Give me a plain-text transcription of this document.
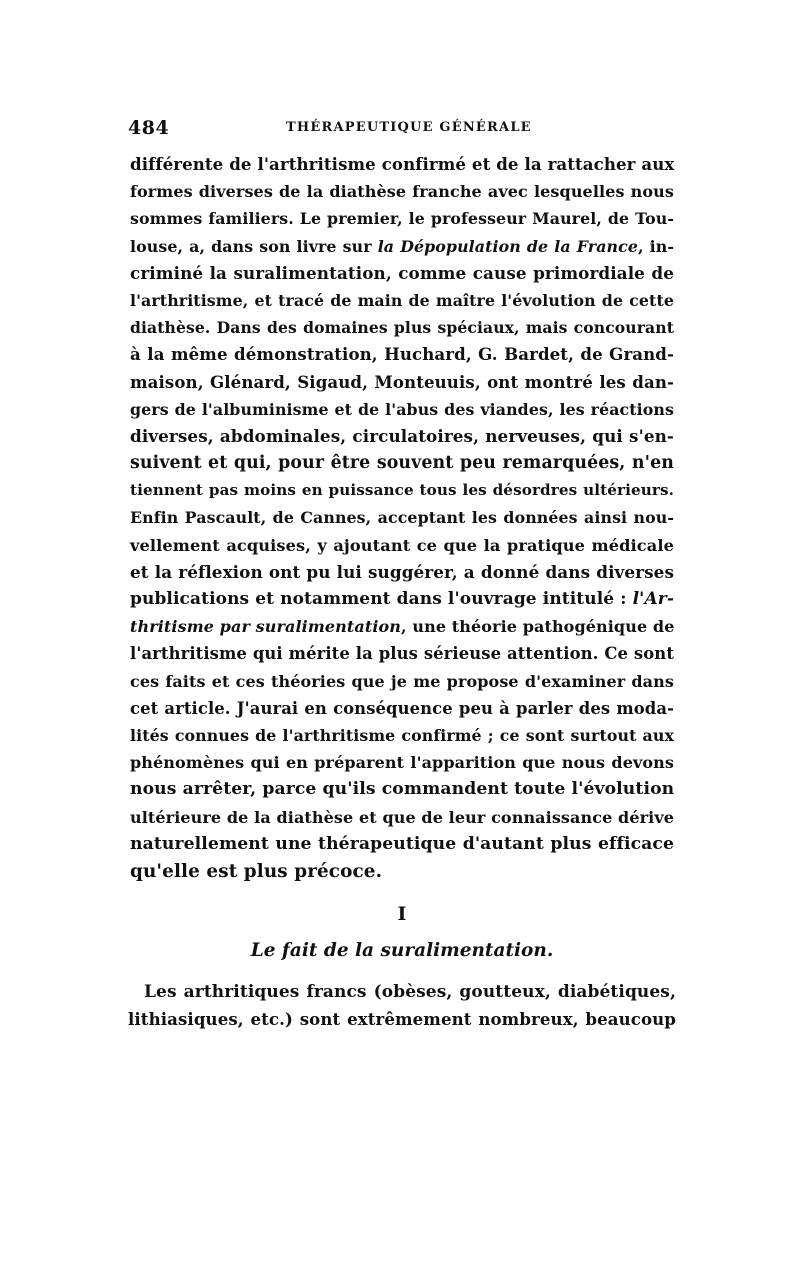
484	THÉRAPEUTIQUE GÉNÉRALE
différente de l'arthritisme confirmé et de la rattacher aux
formes diverses de la diathèse franche avec lesquelles nous
sommes familiers. Le premier, le professeur Maurel, de Tou-
louse, a, dans son livre sur la Dépopulation de la France, in-
criminé la suralimentation, comme cause primordiale de
l'arthritisme, et tracé de main de maître l'évolution de cette
diathèse. Dans des domaines plus spéciaux, mais concourant
à la même démonstration, Huchard, G. Bardet, de Grand-
maison, Glénard, Sigaud, Monteuuis, ont montré les dan-
gers de l'albuminisme et de l'abus des viandes, les réactions
diverses, abdominales, circulatoires, nerveuses, qui s'en-
suivent et qui, pour être souvent peu remarquées, n'en
tiennent pas moins en puissance tous les désordres ultérieurs.
Enfin Pascault, de Cannes, acceptant les données ainsi nou-
vellement acquises, y ajoutant ce que la pratique médicale
et la réflexion ont pu lui suggérer, a donné dans diverses
publications et notamment dans l'ouvrage intitulé : l'Ar-
thritisme par suralimentation, une théorie pathogénique de
l'arthritisme qui mérite la plus sérieuse attention. Ce sont
ces faits et ces théories que je me propose d'examiner dans
cet article. J'aurai en conséquence peu à parler des moda-
lités connues de l'arthritisme confirmé ; ce sont surtout aux
phénomènes qui en préparent l'apparition que nous devons
nous arrêter, parce qu'ils commandent toute l'évolution
ultérieure de la diathèse et que de leur connaissance dérive
naturellement une thérapeutique d'autant plus efficace
qu'elle est plus précoce.
I
Le fait de la suralimentation.
Les arthritiques francs (obèses, goutteux, diabétiques,
lithiasiques, etc.) sont extrêmement nombreux, beaucoup
